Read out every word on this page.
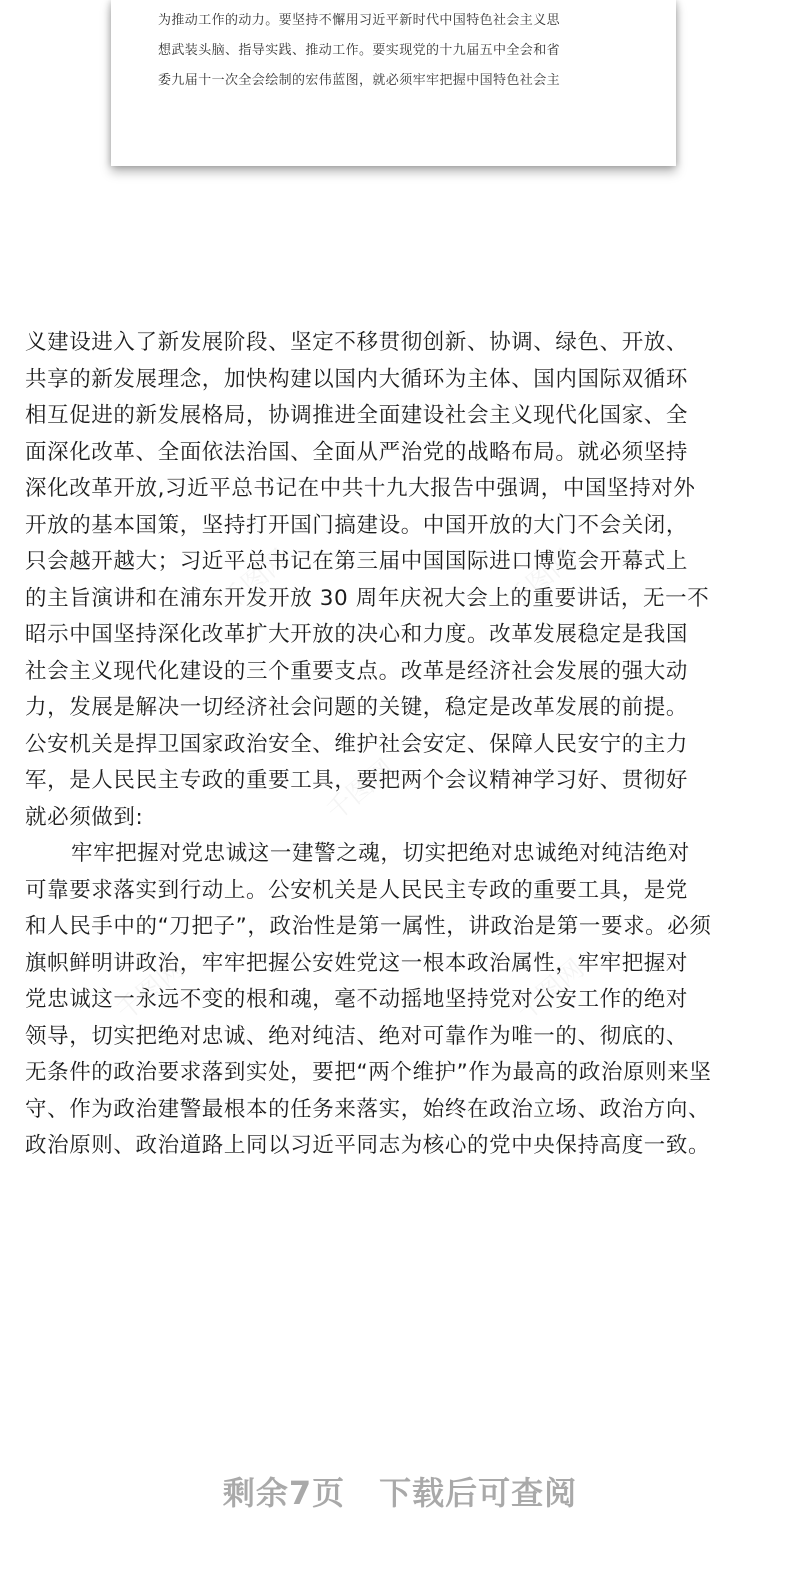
为推动工作的动力。要坚持不懈用习近平新时代中国特色社会主义思
想武装头脑、指导实践、推动工作。要实现党的十九届五中全会和省
委九届十一次全会绘制的宏伟蓝图，就必须牢牢把握中国特色社会主
义建设进入了新发展阶段、坚定不移贯彻创新、协调、绿色、开放、
共享的新发展理念，加快构建以国内大循环为主体、国内国际双循环
相互促进的新发展格局，协调推进全面建设社会主义现代化国家、全
面深化改革、全面依法治国、全面从严治党的战略布局。就必须坚持
深化改革开放,习近平总书记在中共十九大报告中强调，中国坚持对外
开放的基本国策，坚持打开国门搞建设。中国开放的大门不会关闭，
只会越开越大；习近平总书记在第三届中国国际进口博览会开幕式上
的主旨演讲和在浦东开发开放 30 周年庆祝大会上的重要讲话，无一不
昭示中国坚持深化改革扩大开放的决心和力度。改革发展稳定是我国
社会主义现代化建设的三个重要支点。改革是经济社会发展的强大动
力，发展是解决一切经济社会问题的关键，稳定是改革发展的前提。
公安机关是捍卫国家政治安全、维护社会安定、保障人民安宁的主力
军，是人民民主专政的重要工具，要把两个会议精神学习好、贯彻好
就必须做到:
牢牢把握对党忠诚这一建警之魂，切实把绝对忠诚绝对纯洁绝对
可靠要求落实到行动上。公安机关是人民民主专政的重要工具，是党
和人民手中的“刀把子”，政治性是第一属性，讲政治是第一要求。必须
旗帜鲜明讲政治，牢牢把握公安姓党这一根本政治属性，牢牢把握对
党忠诚这一永远不变的根和魂，毫不动摇地坚持党对公安工作的绝对
领导，切实把绝对忠诚、绝对纯洁、绝对可靠作为唯一的、彻底的、
无条件的政治要求落到实处，要把“两个维护”作为最高的政治原则来坚
守、作为政治建警最根本的任务来落实，始终在政治立场、政治方向、
政治原则、政治道路上同以习近平同志为核心的党中央保持高度一致。
剩余7页 下载后可查阅
